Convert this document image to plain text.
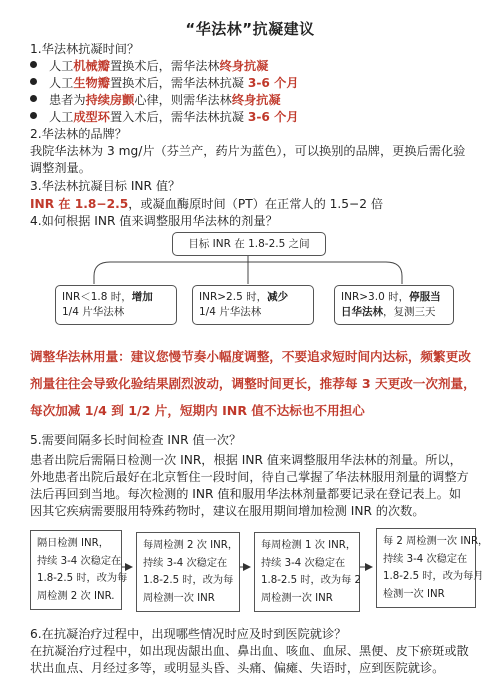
“华法林”抗凝建议
1.华法林抗凝时间？
人工机械瓣置换术后，需华法林终身抗凝
人工生物瓣置换术后，需华法林抗凝 3-6 个月
患者为持续房颤心律，则需华法林终身抗凝
人工成型环置入术后，需华法林抗凝 3-6 个月
2.华法林的品牌？
我院华法林为 3 mg/片（芬兰产，药片为蓝色），可以换别的品牌，更换后需化验调整剂量。
3.华法林抗凝目标 INR 值？
INR 在 1.8−2.5，或凝血酶原时间（PT）在正常人的 1.5−2 倍
4.如何根据 INR 值来调整服用华法林的剂量？
目标 INR 在 1.8-2.5 之间
INR＜1.8 时，增加
1/4 片华法林
INR>2.5 时，减少
1/4 片华法林
INR>3.0 时，停服当
日华法林，复测三天
调整华法林用量：建议您慢节奏小幅度调整，不要追求短时间内达标，频繁更改剂量往往会导致化验结果剧烈波动，调整时间更长，推荐每 3 天更改一次剂量，每次加减 1/4 到 1/2 片，短期内 INR 值不达标也不用担心
5.需要间隔多长时间检查 INR 值一次？
患者出院后需隔日检测一次 INR，根据 INR 值来调整服用华法林的剂量。所以，外地患者出院后最好在北京暂住一段时间，待自己掌握了华法林服用剂量的调整方法后再回到当地。每次检测的 INR 值和服用华法林剂量都要记录在登记表上。如因其它疾病需要服用特殊药物时，建议在服用期间增加检测 INR 的次数。
隔日检测 INR，
持续 3-4 次稳定在
1.8-2.5 时，改为每
周检测 2 次 INR.
每周检测 2 次 INR，
持续 3-4 次稳定在
1.8-2.5 时，改为每
周检测一次 INR
每周检测 1 次 INR，
持续 3-4 次稳定在
1.8-2.5 时，改为每 2
周检测一次 INR
每 2 周检测一次 INR，
持续 3-4 次稳定在
1.8-2.5 时，改为每月
检测一次 INR
6.在抗凝治疗过程中，出现哪些情况时应及时到医院就诊？
在抗凝治疗过程中，如出现齿龈出血、鼻出血、咳血、血尿、黑便、皮下瘀斑或散状出血点、月经过多等，或明显头昏、头痛、偏瘫、失语时，应到医院就诊。
